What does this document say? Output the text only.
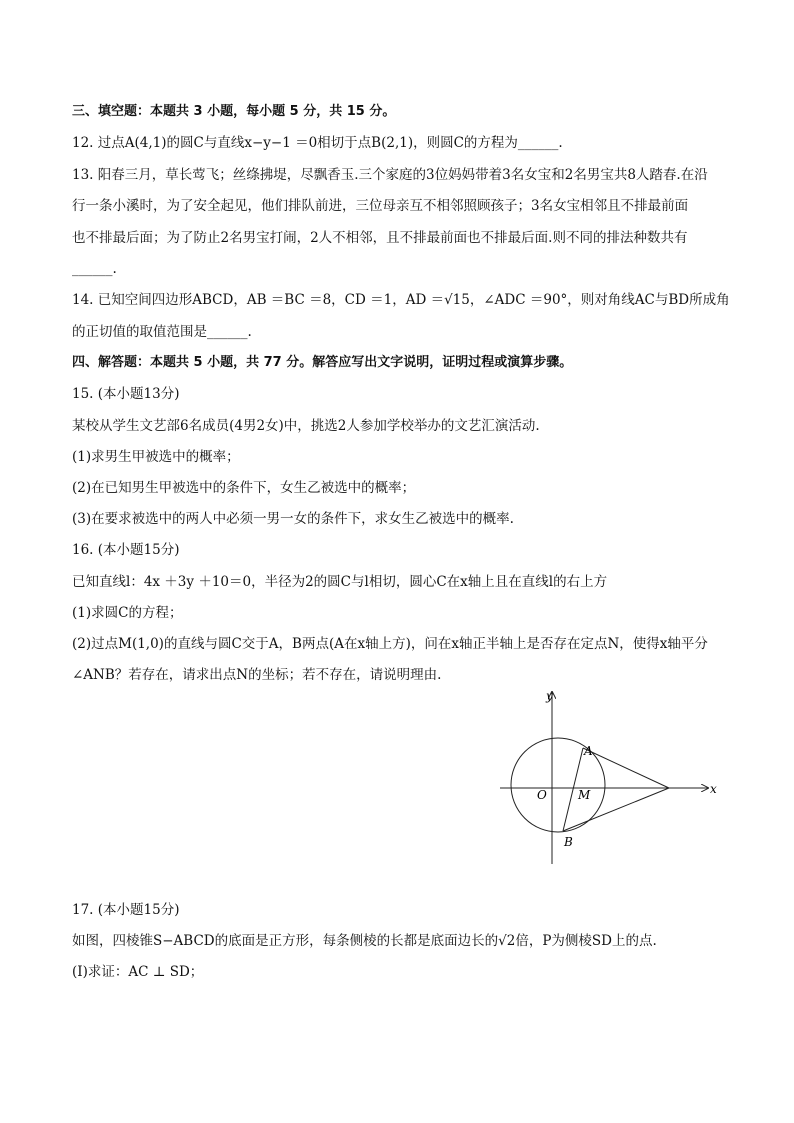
三、填空题：本题共 3 小题，每小题 5 分，共 15 分。
12. 过点A(4,1)的圆C与直线x−y−1 ＝0相切于点B(2,1)，则圆C的方程为______.
13. 阳春三月，草长莺飞；丝绦拂堤，尽飘香玉.三个家庭的3位妈妈带着3名女宝和2名男宝共8人踏春.在沿
行一条小溪时，为了安全起见，他们排队前进，三位母亲互不相邻照顾孩子；3名女宝相邻且不排最前面
也不排最后面；为了防止2名男宝打闹，2人不相邻，且不排最前面也不排最后面.则不同的排法种数共有
______.
14. 已知空间四边形ABCD，AB ＝BC ＝8，CD ＝1，AD ＝√15，∠ADC ＝90°，则对角线AC与BD所成角
的正切值的取值范围是______.
四、解答题：本题共 5 小题，共 77 分。解答应写出文字说明，证明过程或演算步骤。
15. (本小题13分)
某校从学生文艺部6名成员(4男2女)中，挑选2人参加学校举办的文艺汇演活动.
(1)求男生甲被选中的概率；
(2)在已知男生甲被选中的条件下，女生乙被选中的概率；
(3)在要求被选中的两人中必须一男一女的条件下，求女生乙被选中的概率.
16. (本小题15分)
已知直线l：4x ＋3y ＋10＝0，半径为2的圆C与l相切，圆心C在x轴上且在直线l的右上方
(1)求圆C的方程；
(2)过点M(1,0)的直线与圆C交于A，B两点(A在x轴上方)，问在x轴正半轴上是否存在定点N，使得x轴平分
∠ANB？若存在，请求出点N的坐标；若不存在，请说明理由.
y
x
O	M
A
B
17. (本小题15分)
如图，四棱锥S−ABCD的底面是正方形，每条侧棱的长都是底面边长的√2倍，P为侧棱SD上的点.
(Ⅰ)求证：AC ⊥ SD；
